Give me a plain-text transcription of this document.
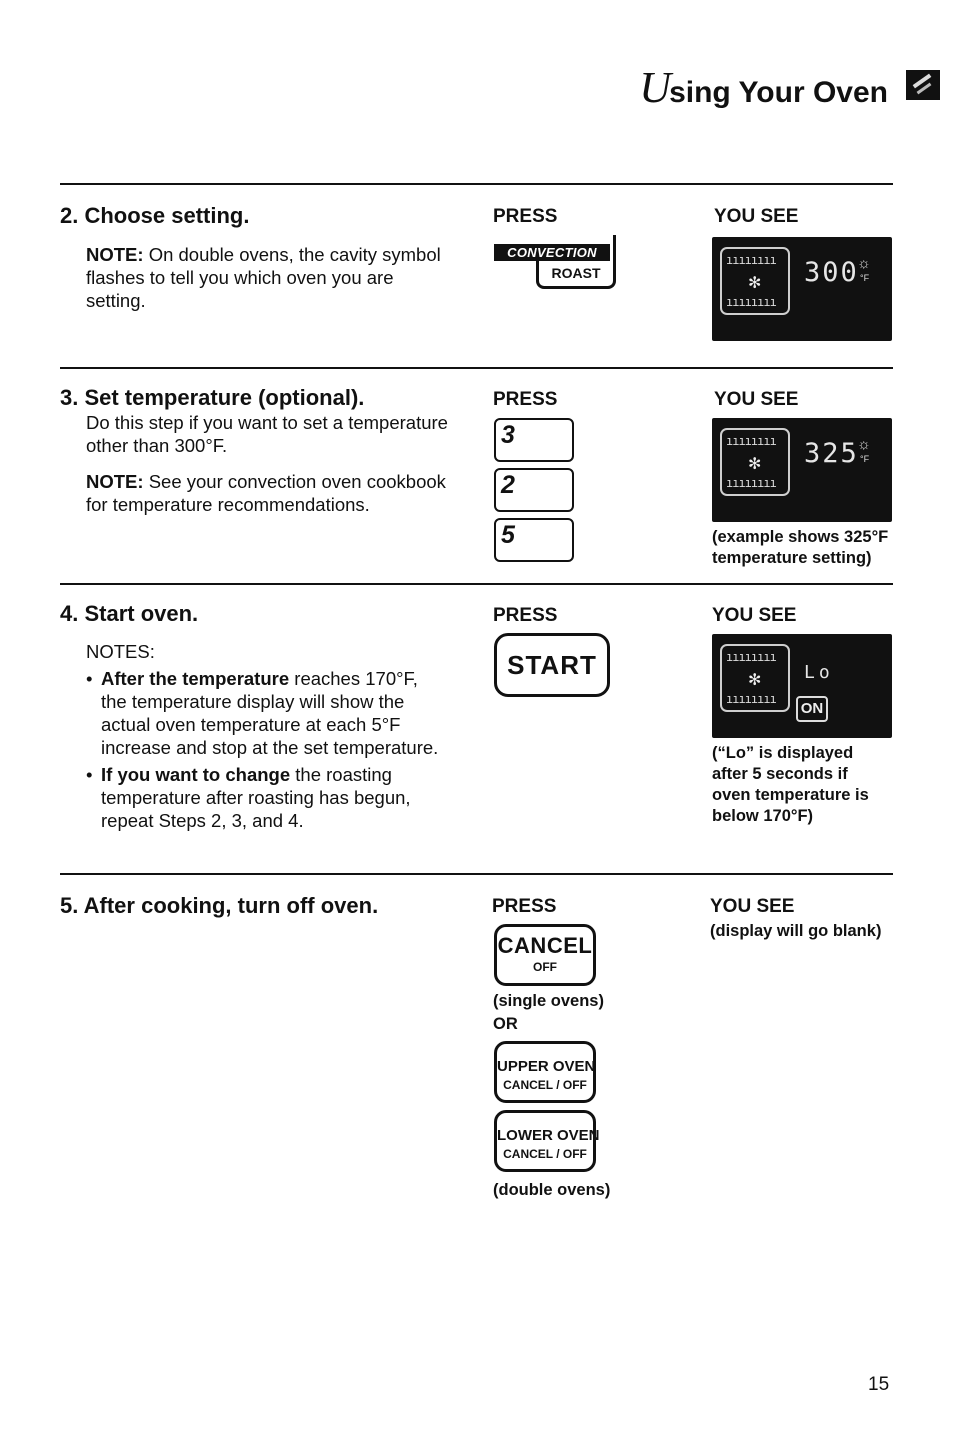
Using Your Oven
2. Choose setting.
NOTE: On double ovens, the cavity symbol flashes to tell you which oven you are setting.
PRESS
CONVECTION
ROAST
YOU SEE
ıııııııı
✻
ıııııııı
300
☼
°F
3. Set temperature (optional).
Do this step if you want to set a temperature other than 300°F.
NOTE: See your convection oven cookbook for temperature recommendations.
PRESS
3
2
5
YOU SEE
ıııııııı
✻
ıııııııı
325
☼
°F
(example shows 325°F temperature setting)
4. Start oven.
NOTES:
• After the temperature reaches 170°F, the temperature display will show the actual oven temperature at each 5°F increase and stop at the set temperature.
• If you want to change the roasting temperature after roasting has begun, repeat Steps 2, 3, and 4.
PRESS
START
YOU SEE
ıııııııı
✻
ıııııııı
Lo
ON
(“Lo” is displayed after 5 seconds if oven temperature is below 170°F)
5. After cooking, turn off oven.	PRESS
CANCEL
OFF
(single ovens)
OR
UPPER OVEN
CANCEL / OFF
LOWER OVEN
CANCEL / OFF
(double ovens)
YOU SEE
(display will go blank)
15
